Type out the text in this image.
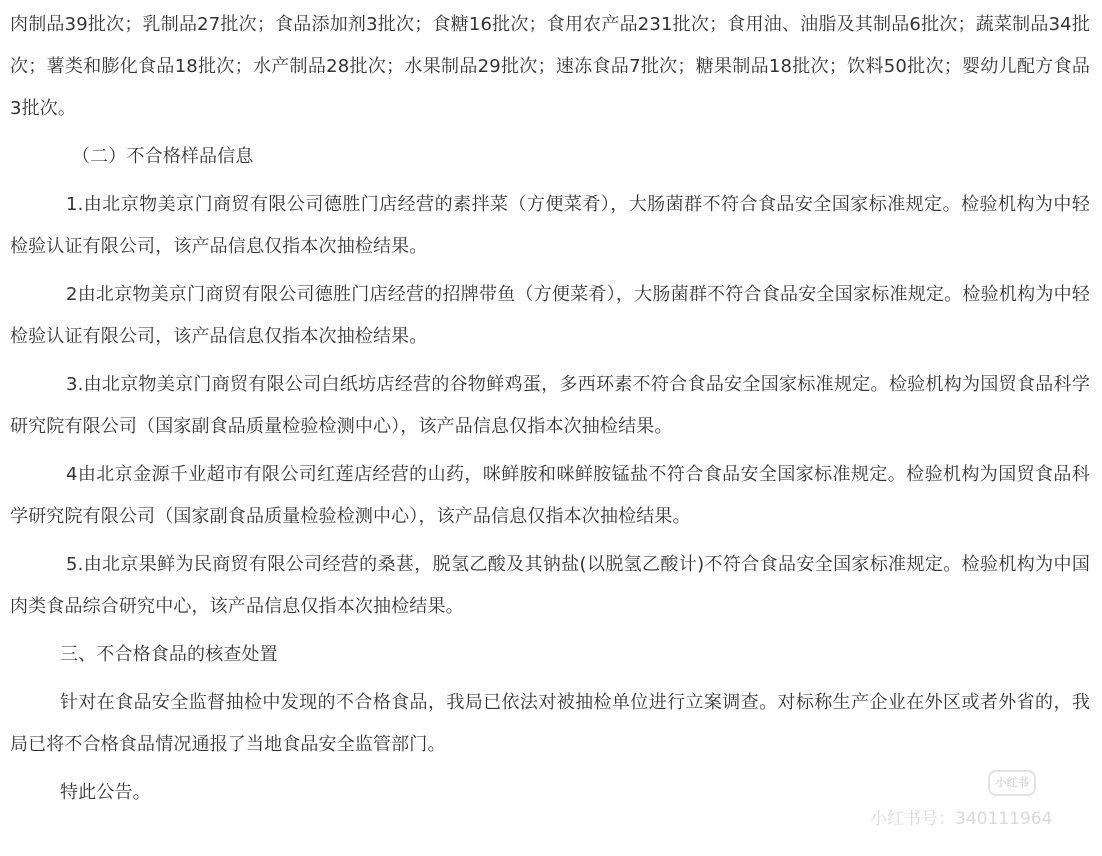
肉制品39批次；乳制品27批次；食品添加剂3批次；食糖16批次；食用农产品231批次；食用油、油脂及其制品6批次；蔬菜制品34批次；薯类和膨化食品18批次；水产制品28批次；水果制品29批次；速冻食品7批次；糖果制品18批次；饮料50批次；婴幼儿配方食品3批次。

（二）不合格样品信息

1.由北京物美京门商贸有限公司德胜门店经营的素拌菜（方便菜肴），大肠菌群不符合食品安全国家标准规定。检验机构为中轻检验认证有限公司，该产品信息仅指本次抽检结果。

2由北京物美京门商贸有限公司德胜门店经营的招牌带鱼（方便菜肴），大肠菌群不符合食品安全国家标准规定。检验机构为中轻检验认证有限公司，该产品信息仅指本次抽检结果。

3.由北京物美京门商贸有限公司白纸坊店经营的谷物鲜鸡蛋，多西环素不符合食品安全国家标准规定。检验机构为国贸食品科学研究院有限公司（国家副食品质量检验检测中心），该产品信息仅指本次抽检结果。

4由北京金源千业超市有限公司红莲店经营的山药，咪鲜胺和咪鲜胺锰盐不符合食品安全国家标准规定。检验机构为国贸食品科学研究院有限公司（国家副食品质量检验检测中心），该产品信息仅指本次抽检结果。

5.由北京果鲜为民商贸有限公司经营的桑葚，脱氢乙酸及其钠盐(以脱氢乙酸计)不符合食品安全国家标准规定。检验机构为中国肉类食品综合研究中心，该产品信息仅指本次抽检结果。

三、不合格食品的核查处置

针对在食品安全监督抽检中发现的不合格食品，我局已依法对被抽检单位进行立案调查。对标称生产企业在外区或者外省的，我局已将不合格食品情况通报了当地食品安全监管部门。

特此公告。	小红书
小红书号：340111964
